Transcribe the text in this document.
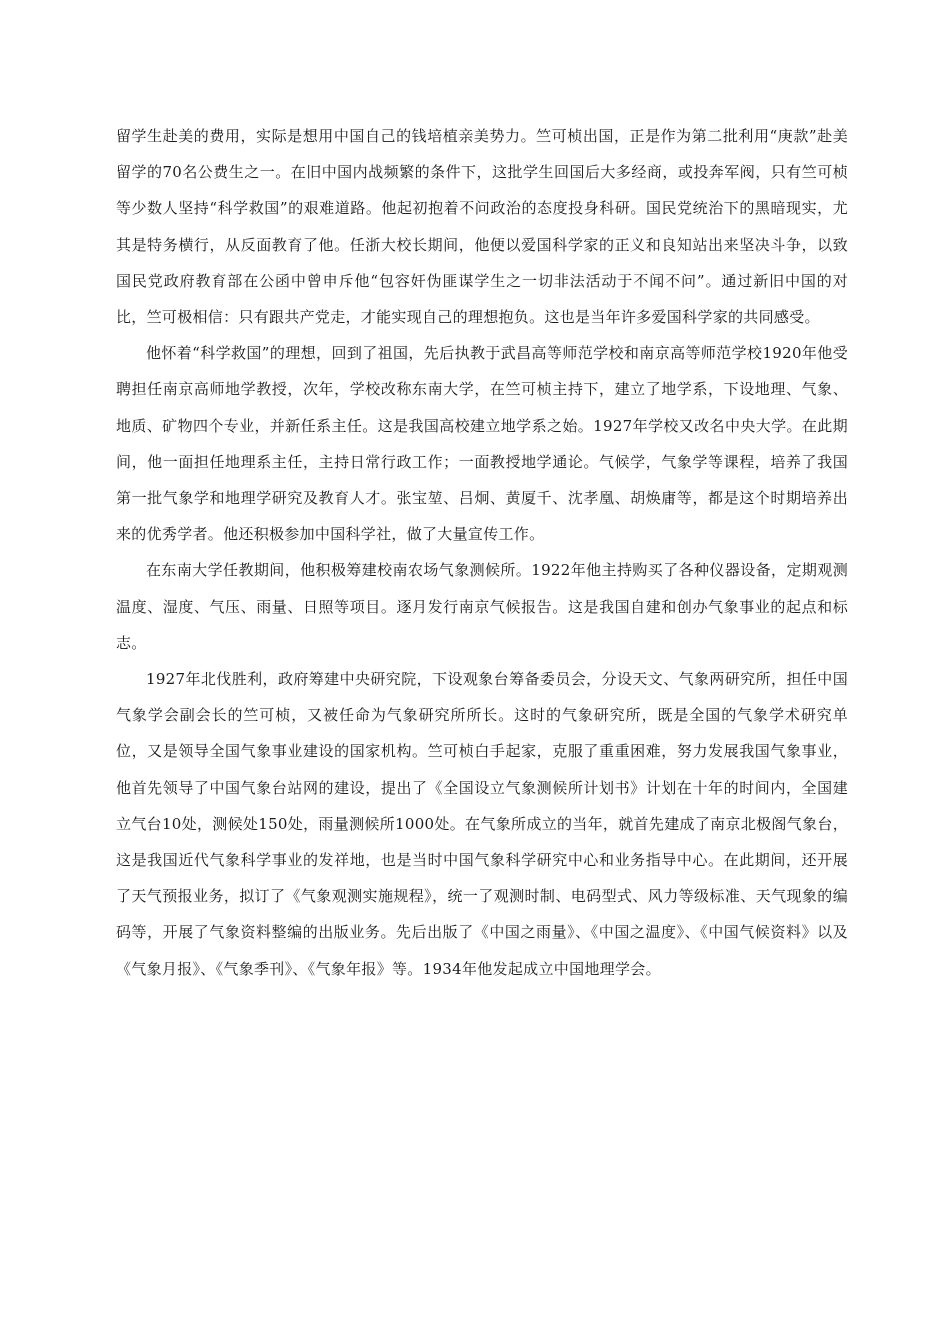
留学生赴美的费用，实际是想用中国自己的钱培植亲美势力。竺可桢出国，正是作为第二批利用“庚款”赴美留学的70名公费生之一。在旧中国内战频繁的条件下，这批学生回国后大多经商，或投奔军阀，只有竺可桢等少数人坚持“科学救国”的艰难道路。他起初抱着不问政治的态度投身科研。国民党统治下的黑暗现实，尤其是特务横行，从反面教育了他。任浙大校长期间，他便以爱国科学家的正义和良知站出来坚决斗争，以致国民党政府教育部在公函中曾申斥他“包容奸伪匪谋学生之一切非法活动于不闻不问”。通过新旧中国的对比，竺可极相信：只有跟共产党走，才能实现自己的理想抱负。这也是当年许多爱国科学家的共同感受。

他怀着“科学救国”的理想，回到了祖国，先后执教于武昌高等师范学校和南京高等师范学校1920年他受聘担任南京高师地学教授，次年，学校改称东南大学，在竺可桢主持下，建立了地学系，下设地理、气象、地质、矿物四个专业，并新任系主任。这是我国高校建立地学系之始。1927年学校又改名中央大学。在此期间，他一面担任地理系主任，主持日常行政工作；一面教授地学通论。气候学，气象学等课程，培养了我国第一批气象学和地理学研究及教育人才。张宝堃、吕炯、黄厦千、沈孝凰、胡焕庸等，都是这个时期培养出来的优秀学者。他还积极参加中国科学社，做了大量宣传工作。

在东南大学任教期间，他积极筹建校南农场气象测候所。1922年他主持购买了各种仪器设备，定期观测温度、湿度、气压、雨量、日照等项目。逐月发行南京气候报告。这是我国自建和创办气象事业的起点和标志。

1927年北伐胜利，政府筹建中央研究院，下设观象台筹备委员会，分设天文、气象两研究所，担任中国气象学会副会长的竺可桢，又被任命为气象研究所所长。这时的气象研究所，既是全国的气象学术研究单位，又是领导全国气象事业建设的国家机构。竺可桢白手起家，克服了重重困难，努力发展我国气象事业，他首先领导了中国气象台站网的建设，提出了《全国设立气象测候所计划书》计划在十年的时间内，全国建立气台10处，测候处150处，雨量测候所1000处。在气象所成立的当年，就首先建成了南京北极阁气象台，这是我国近代气象科学事业的发祥地，也是当时中国气象科学研究中心和业务指导中心。在此期间，还开展了天气预报业务，拟订了《气象观测实施规程》，统一了观测时制、电码型式、风力等级标准、天气现象的编码等，开展了气象资料整编的出版业务。先后出版了《中国之雨量》、《中国之温度》、《中国气候资料》以及《气象月报》、《气象季刊》、《气象年报》等。1934年他发起成立中国地理学会。
